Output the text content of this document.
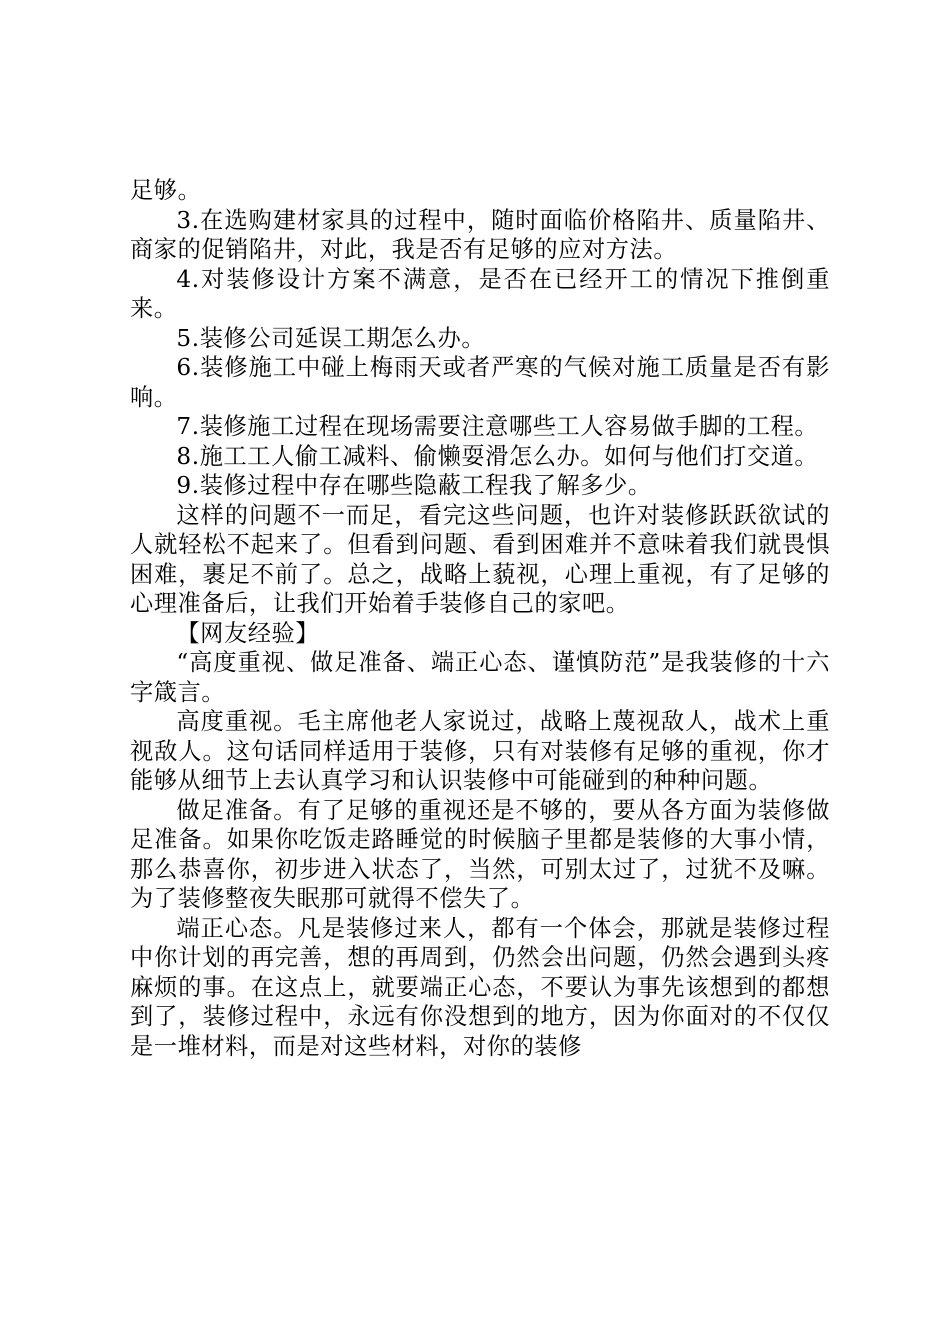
足够。

3.在选购建材家具的过程中，随时面临价格陷井、质量陷井、商家的促销陷井，对此，我是否有足够的应对方法。

4.对装修设计方案不满意，是否在已经开工的情况下推倒重来。

5.装修公司延误工期怎么办。

6.装修施工中碰上梅雨天或者严寒的气候对施工质量是否有影响。

7.装修施工过程在现场需要注意哪些工人容易做手脚的工程。

8.施工工人偷工减料、偷懒耍滑怎么办。如何与他们打交道。

9.装修过程中存在哪些隐蔽工程我了解多少。

这样的问题不一而足，看完这些问题，也许对装修跃跃欲试的人就轻松不起来了。但看到问题、看到困难并不意味着我们就畏惧困难，裹足不前了。总之，战略上藐视，心理上重视，有了足够的心理准备后，让我们开始着手装修自己的家吧。

【网友经验】

“高度重视、做足准备、端正心态、谨慎防范”是我装修的十六字箴言。

高度重视。毛主席他老人家说过，战略上蔑视敌人，战术上重视敌人。这句话同样适用于装修，只有对装修有足够的重视，你才能够从细节上去认真学习和认识装修中可能碰到的种种问题。

做足准备。有了足够的重视还是不够的，要从各方面为装修做足准备。如果你吃饭走路睡觉的时候脑子里都是装修的大事小情，那么恭喜你，初步进入状态了，当然，可别太过了，过犹不及嘛。为了装修整夜失眠那可就得不偿失了。

端正心态。凡是装修过来人，都有一个体会，那就是装修过程中你计划的再完善，想的再周到，仍然会出问题，仍然会遇到头疼麻烦的事。在这点上，就要端正心态，不要认为事先该想到的都想到了，装修过程中，永远有你没想到的地方，因为你面对的不仅仅是一堆材料，而是对这些材料，对你的装修
